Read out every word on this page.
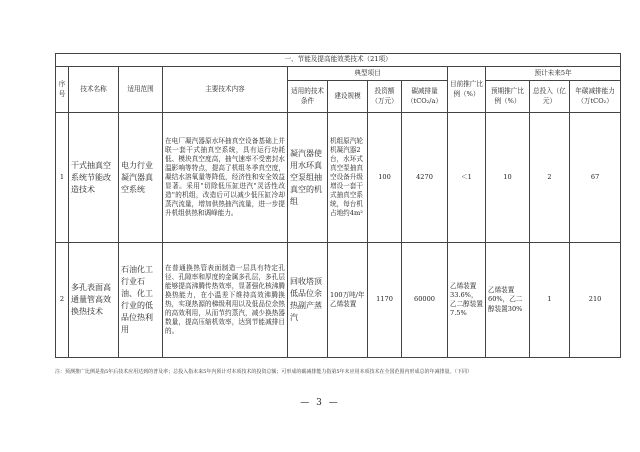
一、节能及提高能效类技术（21项）											
序号	技术名称	适用范围	主要技术内容	典型项目				目前推广比例（%）	预计未来5年		
				适用的技术条件	建设规模	投资额（万元）	碳减排量（tCO₂/a）		预期推广比例（%）	总投入（亿元）	年碳减排能力（万tCO₂）
1	干式抽真空系统节能改造技术	电力行业凝汽器真空系统	在电厂凝汽器原水环抽真空设备基础上并联一套干式抽真空系统，具有运行功耗低、模块真空度高，抽气速率不受密封水温影响等特点，提高了机组冬季真空度，凝结水溶氧量等降低，经济性和安全效益显著。采用"切除低压缸进汽"灵活性改造"的机组，改造后可以减少低压缸冷却蒸汽流量，增加供热抽汽流量，进一步提升机组供热和调峰能力。	凝汽器使用水环真空泵组抽真空的机组	机组原汽轮机凝汽器2台，水环式真空泵抽真空设备升级增设一套干式抽真空系统，每台机占地约4m²	100	4270	＜1	10	2	67
2	多孔表面高通量管高效换热技术	石油化工行业石油、化工行业的低品位热利用	在普通换热管表面制造一层具有特定孔径、孔隙率和厚度的金属多孔层，多孔层能够提高沸腾传热效率，显著强化核沸腾换热能力，在小温差下维持高效沸腾换热，实现热源的梯级利用以及低品位余热的高效利用，从而节约蒸汽，减少换热器数量，提高压缩机效率，达到节能减排目的。	回收塔顶低品位余热副产蒸汽	100万吨/年乙烯装置	1170	60000	乙烯装置33.6%，乙二醇装置7.5%	乙烯装置60%，乙二醇装置30%	1	210
注：预测推广比例是指5年后技术应用达到的普及率；总投入指未来5年内预计对本项技术的投资总额；可形成的碳减排能力指第5年末应用本项技术在全国范围内形成总的年减排量。（下同）
— 3 —
